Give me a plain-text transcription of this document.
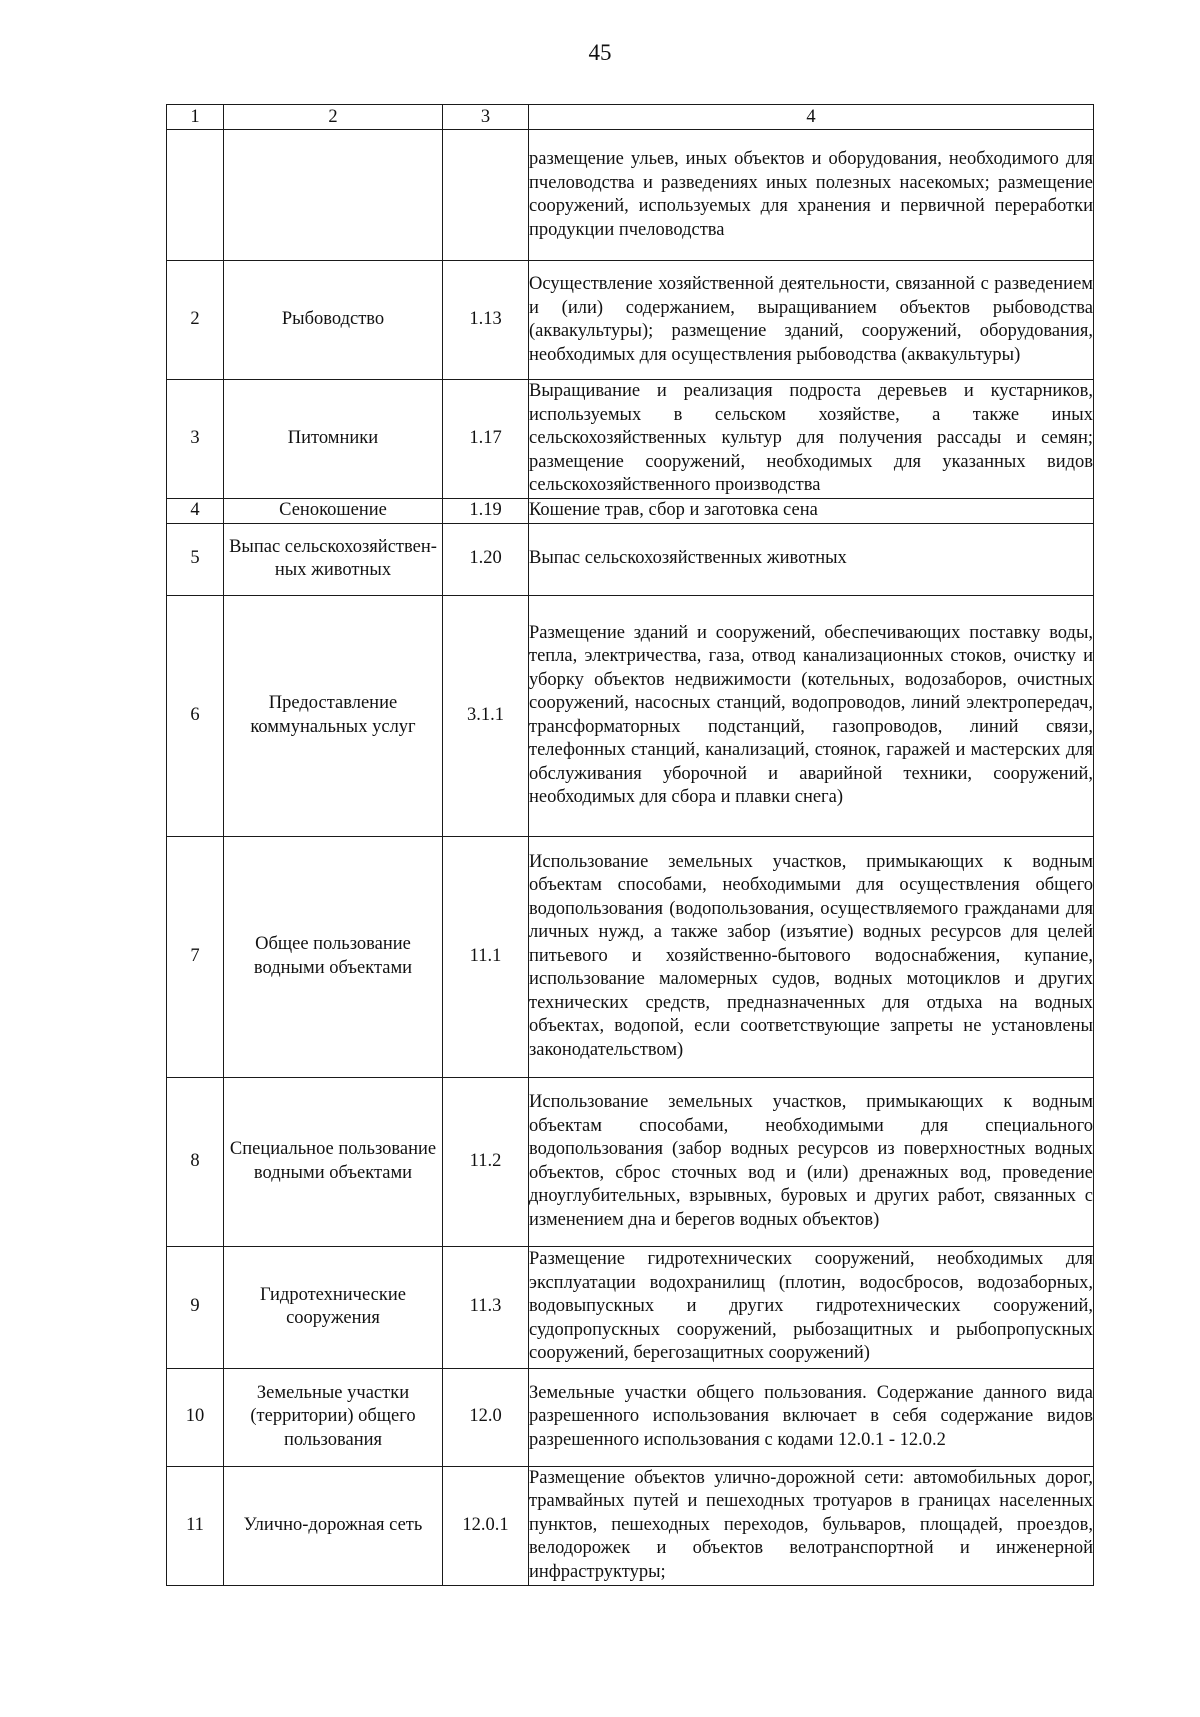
45
1	2	3	4
			размещение ульев, иных объектов и оборудования, необходимого для пчеловодства и разведениях иных полезных насекомых; размещение сооружений, используемых для хранения и первичной переработки продукции пчеловодства
2	Рыбоводство	1.13	Осуществление хозяйственной деятельности, связанной с разведением и (или) содержанием, выращиванием объектов рыбоводства (аквакультуры); размещение зданий, сооружений, оборудования, необходимых для осуществления рыбоводства (аквакультуры)
3	Питомники	1.17	Выращивание и реализация подроста деревьев и кустарников, используемых в сельском хозяйстве, а также иных сельскохозяйственных культур для получения рассады и семян; размещение сооружений, необходимых для указанных видов сельскохозяйственного производства
4	Сенокошение	1.19	Кошение трав, сбор и заготовка сена
5	Выпас сельскохозяйствен-ных животных	1.20	Выпас сельскохозяйственных животных
6	Предоставление коммунальных услуг	3.1.1	Размещение зданий и сооружений, обеспечивающих поставку воды, тепла, электричества, газа, отвод канализационных стоков, очистку и уборку объектов недвижимости (котельных, водозаборов, очистных сооружений, насосных станций, водопроводов, линий электропередач, трансформаторных подстанций, газопроводов, линий связи, телефонных станций, канализаций, стоянок, гаражей и мастерских для обслуживания уборочной и аварийной техники, сооружений, необходимых для сбора и плавки снега)
7	Общее пользование водными объектами	11.1	Использование земельных участков, примыкающих к водным объектам способами, необходимыми для осуществления общего водопользования (водопользования, осуществляемого гражданами для личных нужд, а также забор (изъятие) водных ресурсов для целей питьевого и хозяйственно-бытового водоснабжения, купание, использование маломерных судов, водных мотоциклов и других технических средств, предназначенных для отдыха на водных объектах, водопой, если соответствующие запреты не установлены законодательством)
8	Специальное пользование водными объектами	11.2	Использование земельных участков, примыкающих к водным объектам способами, необходимыми для специального водопользования (забор водных ресурсов из поверхностных водных объектов, сброс сточных вод и (или) дренажных вод, проведение дноуглубительных, взрывных, буровых и других работ, связанных с изменением дна и берегов водных объектов)
9	Гидротехнические сооружения	11.3	Размещение гидротехнических сооружений, необходимых для эксплуатации водохранилищ (плотин, водосбросов, водозаборных, водовыпускных и других гидротехнических сооружений, судопропускных сооружений, рыбозащитных и рыбопропускных сооружений, берегозащитных сооружений)
10	Земельные участки (территории) общего пользования	12.0	Земельные участки общего пользования. Содержание данного вида разрешенного использования включает в себя содержание видов разрешенного использования с кодами 12.0.1 - 12.0.2
11	Улично-дорожная сеть	12.0.1	Размещение объектов улично-дорожной сети: автомобильных дорог, трамвайных путей и пешеходных тротуаров в границах населенных пунктов, пешеходных переходов, бульваров, площадей, проездов, велодорожек и объектов велотранспортной и инженерной инфраструктуры;
